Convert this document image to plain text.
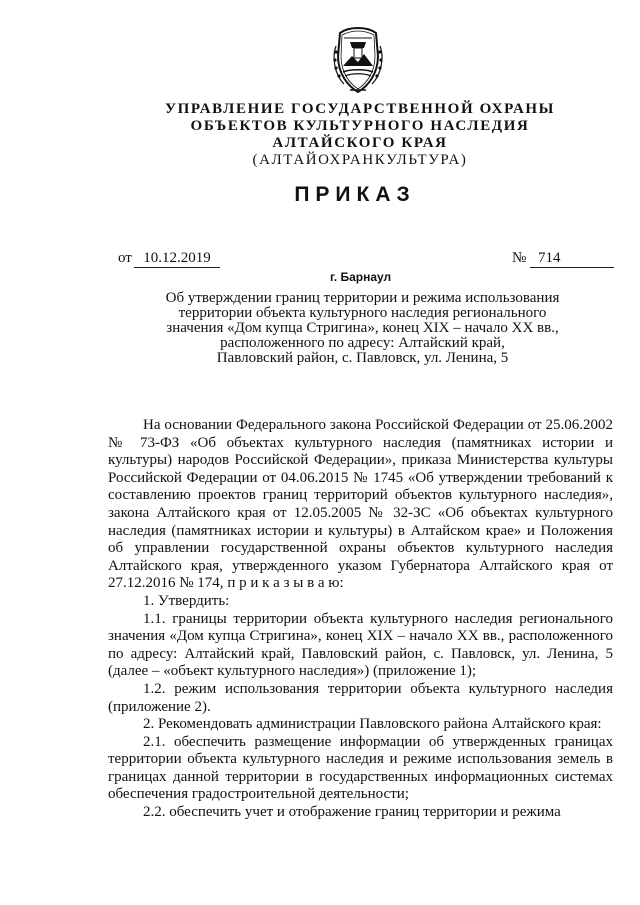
УПРАВЛЕНИЕ ГОСУДАРСТВЕННОЙ ОХРАНЫ
ОБЪЕКТОВ КУЛЬТУРНОГО НАСЛЕДИЯ
АЛТАЙСКОГО КРАЯ
(АЛТАЙОХРАНКУЛЬТУРА)
ПРИКАЗ
от 10.12.2019	№ 714
г. Барнаул
Об утверждении границ территории и режима использования
территории объекта культурного наследия регионального
значения «Дом купца Стригина», конец XIX – начало XX вв.,
расположенного по адресу: Алтайский край,
Павловский район, с. Павловск, ул. Ленина, 5

На основании Федерального закона Российской Федерации от 25.06.2002 № 73-ФЗ «Об объектах культурного наследия (памятниках истории и культуры) народов Российской Федерации», приказа Министерства культуры Российской Федерации от 04.06.2015 № 1745 «Об утверждении требований к составлению проектов границ территорий объектов культурного наследия», закона Алтайского края от 12.05.2005 № 32-ЗС «Об объектах культурного наследия (памятниках истории и культуры) в Алтайском крае» и Положения об управлении государственной охраны объектов культурного наследия Алтайского края, утвержденного указом Губернатора Алтайского края от 27.12.2016 № 174, п р и к а з ы в а ю:

1. Утвердить:

1.1. границы территории объекта культурного наследия регионального значения «Дом купца Стригина», конец XIX – начало XX вв., расположенного по адресу: Алтайский край, Павловский район, с. Павловск, ул. Ленина, 5 (далее – «объект культурного наследия») (приложение 1);

1.2. режим использования территории объекта культурного наследия (приложение 2).

2. Рекомендовать администрации Павловского района Алтайского края:

2.1. обеспечить размещение информации об утвержденных границах территории объекта культурного наследия и режиме использования земель в границах данной территории в государственных информационных системах обеспечения градостроительной деятельности;

2.2. обеспечить учет и отображение границ территории и режима
